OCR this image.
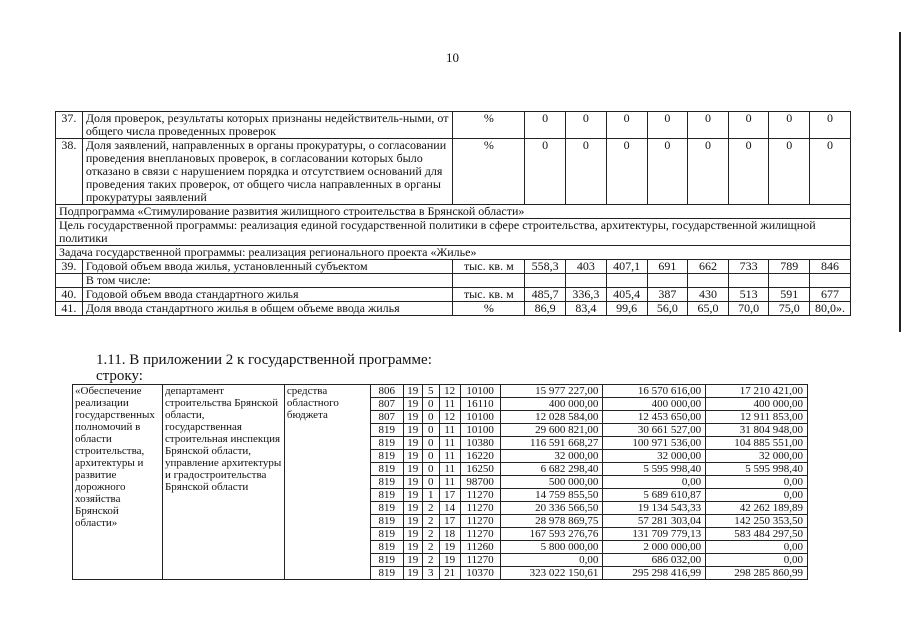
10
37.	Доля проверок, результаты которых признаны недействитель-ными, от общего числа проведенных проверок	%	0	0	0	0	0	0	0	0
38.	Доля заявлений, направленных в органы прокуратуры, о согласовании проведения внеплановых проверок, в согласовании которых было отказано в связи с нарушением порядка и отсутствием оснований для проведения таких проверок, от общего числа направленных в органы прокуратуры заявлений	%	0	0	0	0	0	0	0	0
Подпрограмма «Стимулирование развития жилищного строительства в Брянской области»										
Цель государственной программы: реализация единой государственной политики в сфере строительства, архитектуры, государственной жилищной политики										
Задача государственной программы: реализация регионального проекта «Жилье»										
39.	Годовой объем ввода жилья, установленный субъектом	тыс. кв. м	558,3	403	407,1	691	662	733	789	846
	В том числе:									
40.	Годовой объем ввода стандартного жилья	тыс. кв. м	485,7	336,3	405,4	387	430	513	591	677
41.	Доля ввода стандартного жилья в общем объеме ввода жилья	%	86,9	83,4	99,6	56,0	65,0	70,0	75,0	80,0».
1.11. В приложении 2 к государственной программе:
строку:
«Обеспечение реализации государственных полномочий в области строительства, архитектуры и развитие дорожного хозяйства Брянской области»	департамент строительства Брянской области, государственная строительная инспекция Брянской области, управление архитектуры и градостроительства Брянской области	средства областного бюджета	806	19	5	12	10100	15 977 227,00	16 570 616,00	17 210 421,00
			807	19	0	11	16110	400 000,00	400 000,00	400 000,00
			807	19	0	12	10100	12 028 584,00	12 453 650,00	12 911 853,00
			819	19	0	11	10100	29 600 821,00	30 661 527,00	31 804 948,00
			819	19	0	11	10380	116 591 668,27	100 971 536,00	104 885 551,00
			819	19	0	11	16220	32 000,00	32 000,00	32 000,00
			819	19	0	11	16250	6 682 298,40	5 595 998,40	5 595 998,40
			819	19	0	11	98700	500 000,00	0,00	0,00
			819	19	1	17	11270	14 759 855,50	5 689 610,87	0,00
			819	19	2	14	11270	20 336 566,50	19 134 543,33	42 262 189,89
			819	19	2	17	11270	28 978 869,75	57 281 303,04	142 250 353,50
			819	19	2	18	11270	167 593 276,76	131 709 779,13	583 484 297,50
			819	19	2	19	11260	5 800 000,00	2 000 000,00	0,00
			819	19	2	19	11270	0,00	686 032,00	0,00
			819	19	3	21	10370	323 022 150,61	295 298 416,99	298 285 860,99
